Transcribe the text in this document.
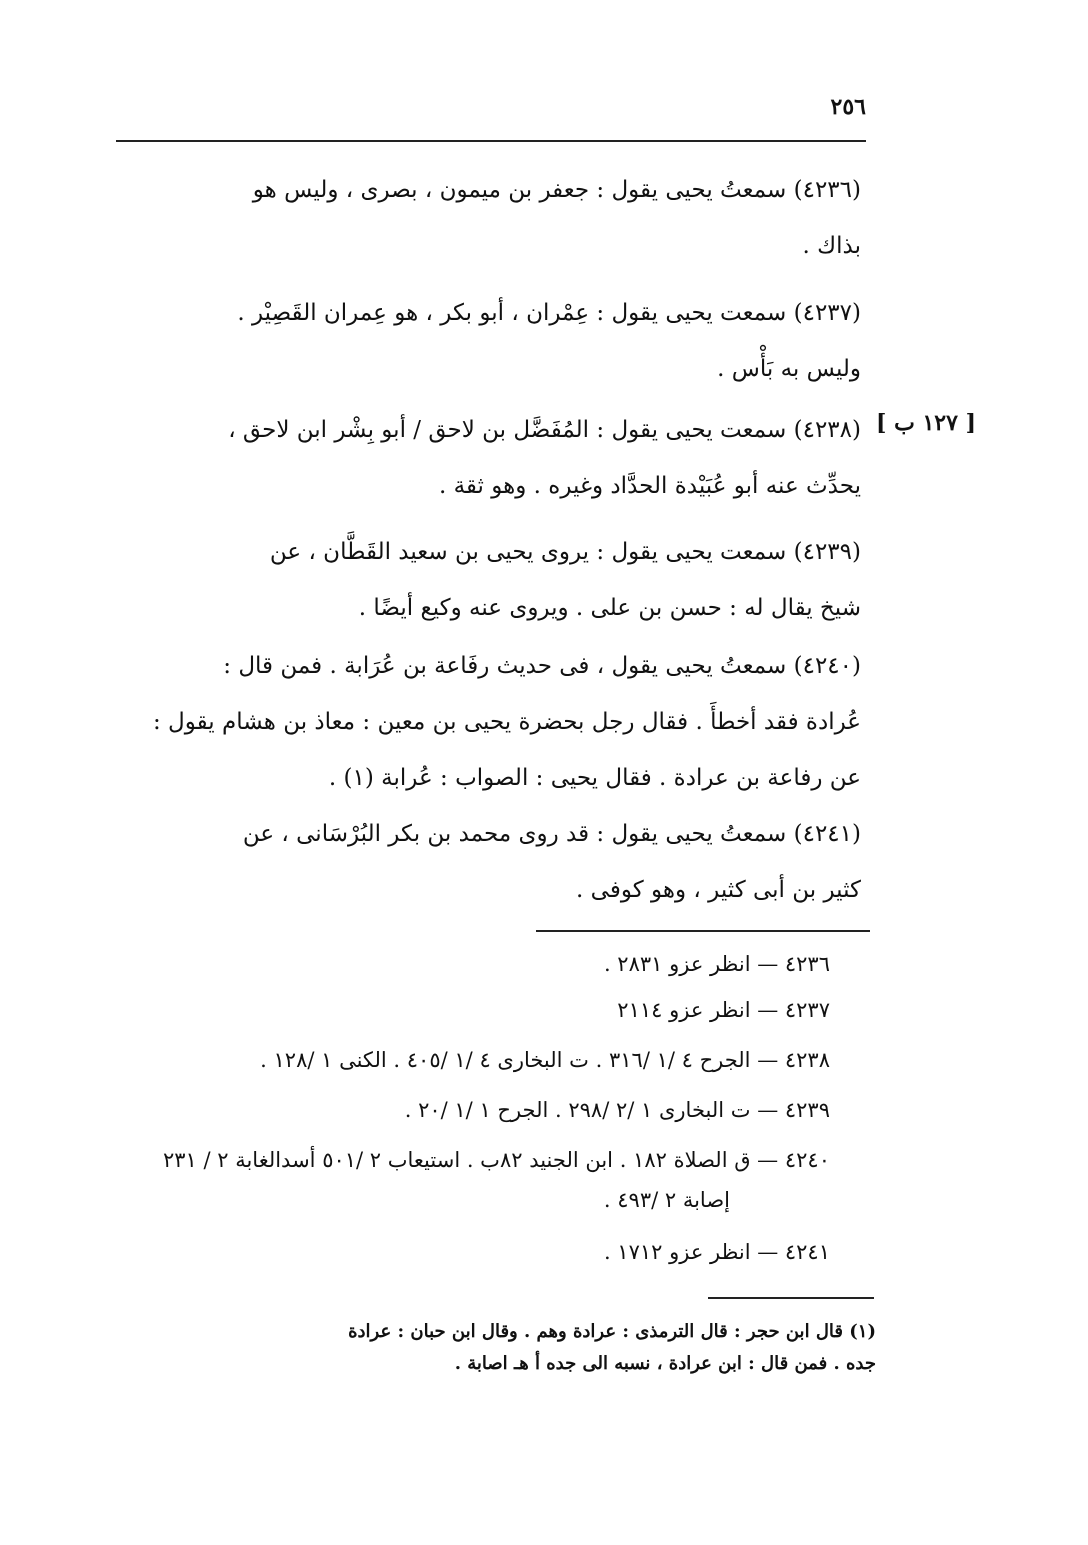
٢٥٦
[ ١٢٧ ب ]
(٤٢٣٦) سمعتُ يحيى يقول : جعفر بن ميمون ، بصرى ، وليس هو
بذاك .
(٤٢٣٧) سمعت يحيى يقول : عِمْران ، أبو بكر ، هو عِمران القَصِيْر .
وليس به بَأْس .
(٤٢٣٨) سمعت يحيى يقول : المُفَضَّل بن لاحق / أبو بِشْر ابن لاحق ،
يحدِّث عنه أبو عُبَيْدة الحدَّاد وغيره . وهو ثقة .
(٤٢٣٩) سمعت يحيى يقول : يروى يحيى بن سعيد القَطَّان ، عن
شيخ يقال له : حسن بن على . ويروى عنه وكيع أيضًا .
(٤٢٤٠) سمعتُ يحيى يقول ، فى حديث رفَاعة بن عُرَابة . فمن قال :
عُرادة فقد أخطأَ . فقال رجل بحضرة يحيى بن معين : معاذ بن هشام يقول :
عن رفاعة بن عرادة . فقال يحيى : الصواب : عُرابة (١) .
(٤٢٤١) سمعتُ يحيى يقول : قد روى محمد بن بكر البُرْسَانى ، عن
كثير بن أبى كثير ، وهو كوفى .
٤٢٣٦ — انظر عزو ٢٨٣١ .
٤٢٣٧ — انظر عزو ٢١١٤
٤٢٣٨ — الجرح ٤ /١ /٣١٦ . ت البخارى ٤ /١ /٤٠٥ . الكنى ١ /١٢٨ .
٤٢٣٩ — ت البخارى ١ /٢ /٢٩٨ . الجرح ١ /١ /٢٠ .
٤٢٤٠ — ق الصلاة ١٨٢ . ابن الجنيد ٨٢ب . استيعاب ٢ /٥٠١ أسدالغابة ٢ / ٢٣١
إصابة ٢ /٤٩٣ .
٤٢٤١ — انظر عزو ١٧١٢ .
(١) قال ابن حجر : قال الترمذى : عرادة وهم . وقال ابن حبان : عرادة
جده . فمن قال : ابن عرادة ، نسبه الى جده أ هـ اصابة .
